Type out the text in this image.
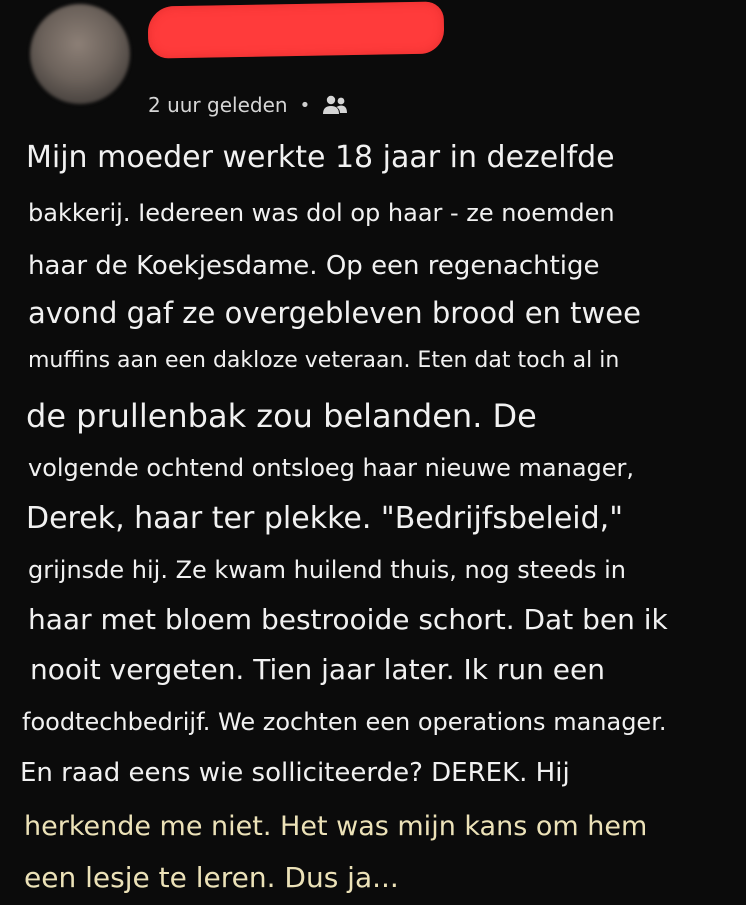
2 uur geleden •
Mijn moeder werkte 18 jaar in dezelfde
bakkerij. Iedereen was dol op haar - ze noemden
haar de Koekjesdame. Op een regenachtige
avond gaf ze overgebleven brood en twee
muffins aan een dakloze veteraan. Eten dat toch al in
de prullenbak zou belanden. De
volgende ochtend ontsloeg haar nieuwe manager,
Derek, haar ter plekke. "Bedrijfsbeleid,"
grijnsde hij. Ze kwam huilend thuis, nog steeds in
haar met bloem bestrooide schort. Dat ben ik
nooit vergeten. Tien jaar later. Ik run een
foodtechbedrijf. We zochten een operations manager.
En raad eens wie solliciteerde? DEREK. Hij
herkende me niet. Het was mijn kans om hem
een lesje te leren. Dus ja...
